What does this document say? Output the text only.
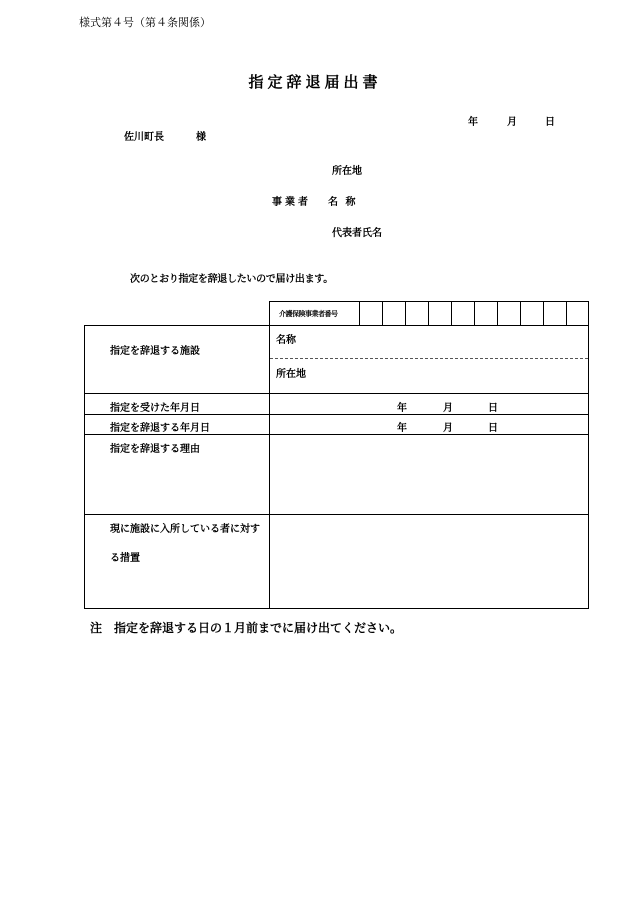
様式第４号（第４条関係）
指定辞退届出書
年	月	日
佐川町長	様
所在地
事業者 名 称
代表者氏名
次のとおり指定を辞退したいので届け出ます。
介護保険事業者番号
指定を辞退する施設
名称
所在地
指定を受けた年月日	年	月	日
指定を辞退する年月日	年	月	日
指定を辞退する理由
現に施設に入所している者に対す
る措置
注　指定を辞退する日の１月前までに届け出てください。
